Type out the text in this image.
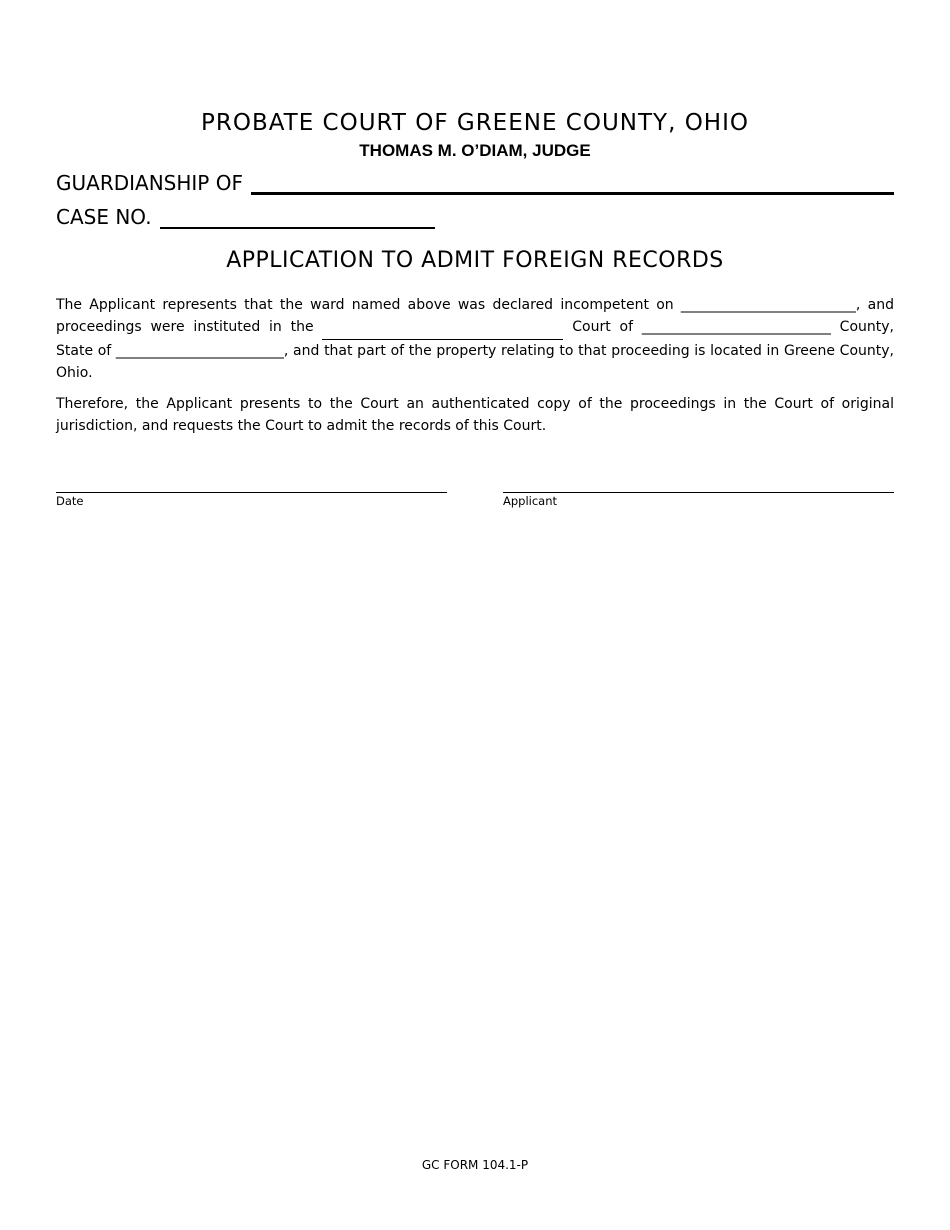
PROBATE COURT OF GREENE COUNTY, OHIO
THOMAS M. O’DIAM, JUDGE
GUARDIANSHIP OF
CASE NO.
APPLICATION TO ADMIT FOREIGN RECORDS

The Applicant represents that the ward named above was declared incompetent on _________________________, and proceedings were instituted in the	Court of ___________________________ County, State of ________________________, and that part of the property relating to that proceeding is located in Greene County, Ohio.

Therefore, the Applicant presents to the Court an authenticated copy of the proceedings in the Court of original jurisdiction, and requests the Court to admit the records of this Court.

Date	Applicant
GC FORM 104.1-P
